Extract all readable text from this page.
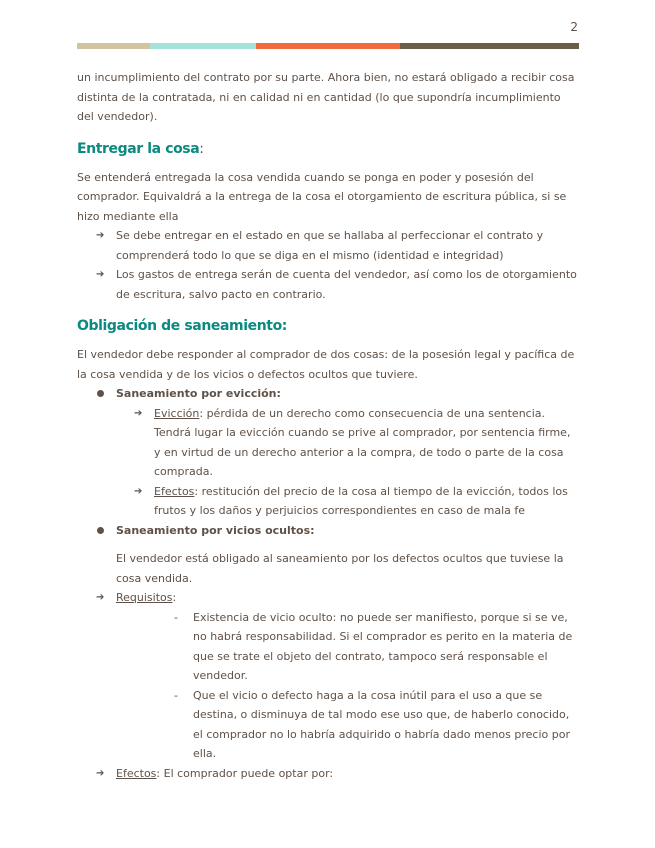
2

un incumplimiento del contrato por su parte. Ahora bien, no estará obligado a recibir cosa distinta de la contratada, ni en calidad ni en cantidad (lo que supondría incumplimiento del vendedor).

Entregar la cosa:

Se entenderá entregada la cosa vendida cuando se ponga en poder y posesión del comprador. Equivaldrá a la entrega de la cosa el otorgamiento de escritura pública, si se hizo mediante ella

➔ Se debe entregar en el estado en que se hallaba al perfeccionar el contrato y comprenderá todo lo que se diga en el mismo (identidad e integridad)
➔ Los gastos de entrega serán de cuenta del vendedor, así como los de otorgamiento de escritura, salvo pacto en contrario.
Obligación de saneamiento:

El vendedor debe responder al comprador de dos cosas: de la posesión legal y pacífica de la cosa vendida y de los vicios o defectos ocultos que tuviere.

Saneamiento por evicción:
➔ Evicción: pérdida de un derecho como consecuencia de una sentencia. Tendrá lugar la evicción cuando se prive al comprador, por sentencia firme, y en virtud de un derecho anterior a la compra, de todo o parte de la cosa comprada.
➔ Efectos: restitución del precio de la cosa al tiempo de la evicción, todos los frutos y los daños y perjuicios correspondientes en caso de mala fe
Saneamiento por vicios ocultos:

El vendedor está obligado al saneamiento por los defectos ocultos que tuviese la cosa vendida.

➔ Requisitos:
- Existencia de vicio oculto: no puede ser manifiesto, porque si se ve, no habrá responsabilidad. Si el comprador es perito en la materia de que se trate el objeto del contrato, tampoco será responsable el vendedor.
- Que el vicio o defecto haga a la cosa inútil para el uso a que se destina, o disminuya de tal modo ese uso que, de haberlo conocido, el comprador no lo habría adquirido o habría dado menos precio por ella.
➔ Efectos: El comprador puede optar por:
